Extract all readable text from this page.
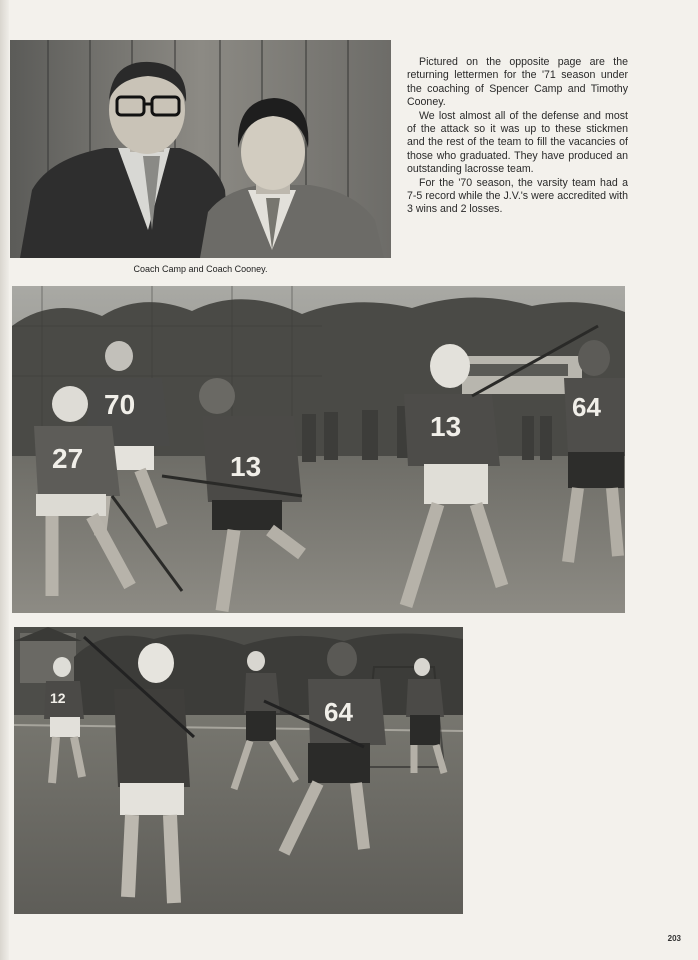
Coach Camp and Coach Cooney.

Pictured on the opposite page are the returning lettermen for the '71 season under the coaching of Spencer Camp and Timothy Cooney.

We lost almost all of the defense and most of the attack so it was up to these stickmen and the rest of the team to fill the vacancies of those who graduated. They have produced an outstanding lacrosse team.

For the '70 season, the varsity team had a 7-5 record while the J.V.'s were accredited with 3 wins and 2 losses.

70
27	13
13
64
12	64
203
